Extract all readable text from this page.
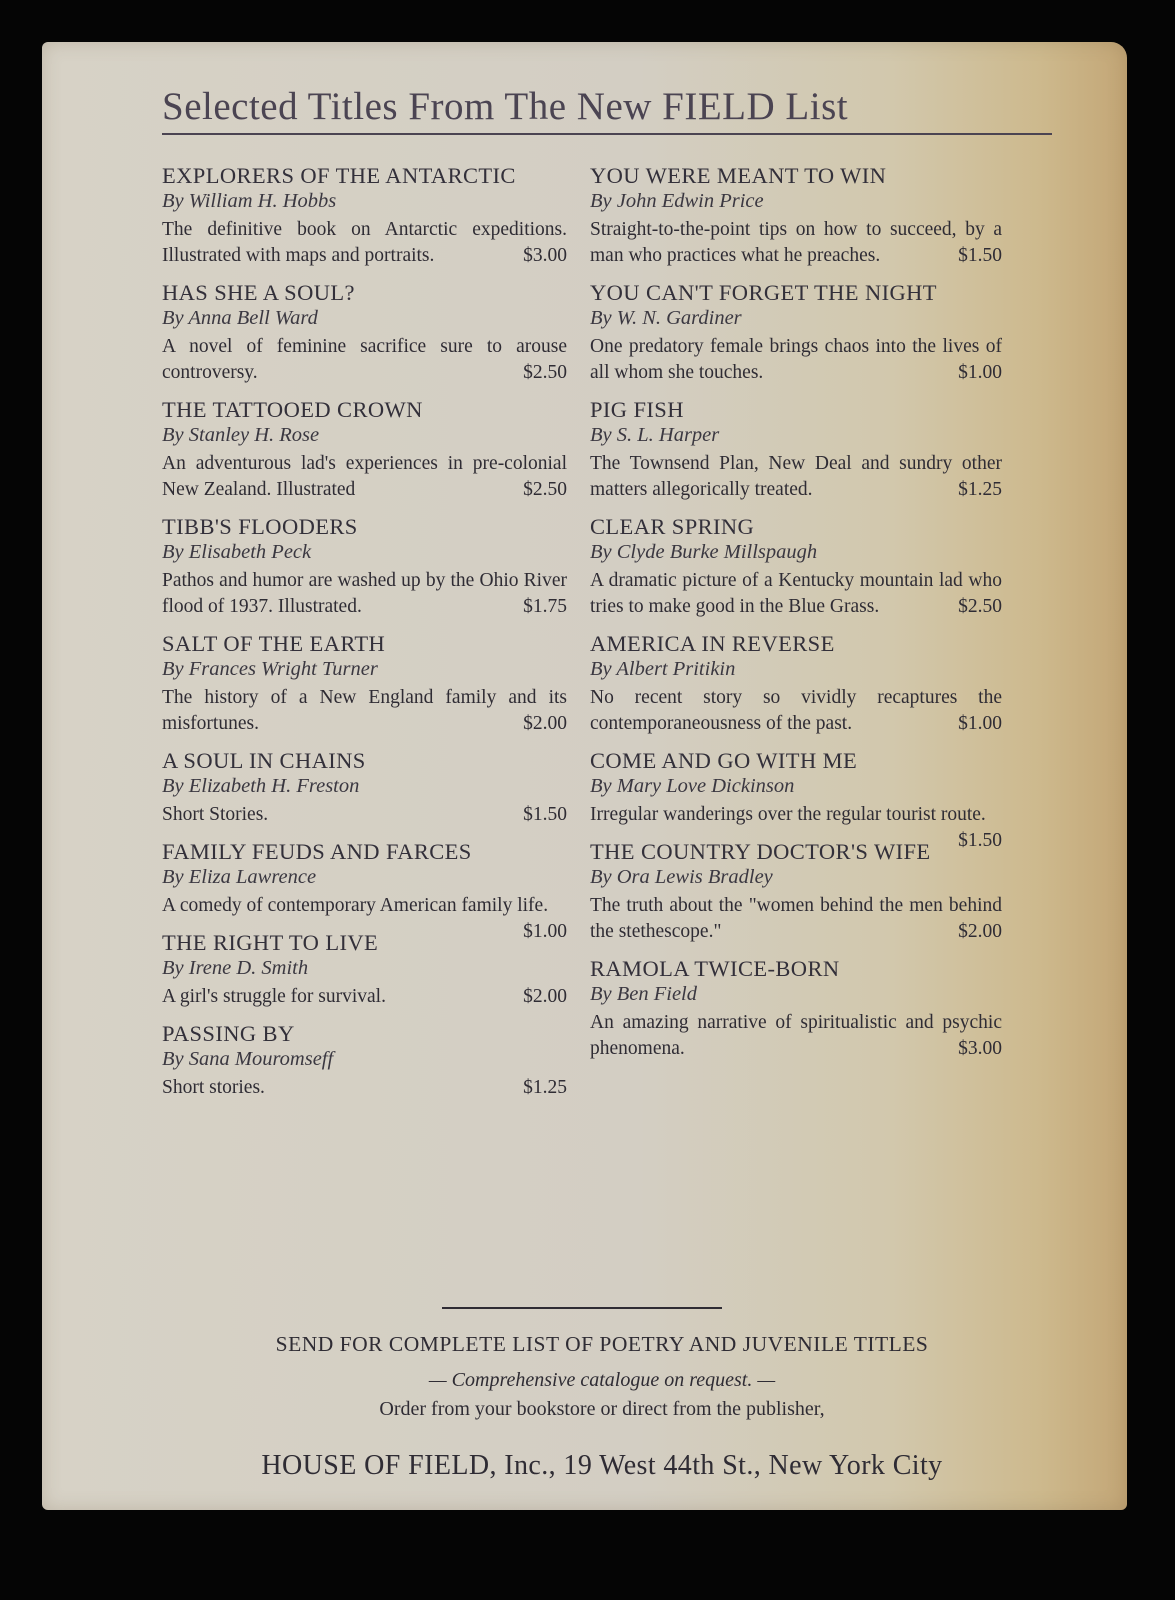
Selected Titles From The New FIELD List
EXPLORERS OF THE ANTARCTIC
By William H. Hobbs
The definitive book on Antarctic expeditions. Illustrated with maps and portraits.	$3.00
HAS SHE A SOUL?
By Anna Bell Ward
A novel of feminine sacrifice sure to arouse controversy.	$2.50
THE TATTOOED CROWN
By Stanley H. Rose
An adventurous lad's experiences in pre-colonial New Zealand. Illustrated	$2.50
TIBB'S FLOODERS
By Elisabeth Peck
Pathos and humor are washed up by the Ohio River flood of 1937. Illustrated.	$1.75
SALT OF THE EARTH
By Frances Wright Turner
The history of a New England family and its misfortunes.	$2.00
A SOUL IN CHAINS
By Elizabeth H. Freston
Short Stories.	$1.50
FAMILY FEUDS AND FARCES
By Eliza Lawrence
A comedy of contemporary American family life.
$1.00
THE RIGHT TO LIVE
By Irene D. Smith
A girl's struggle for survival.	$2.00
PASSING BY
By Sana Mouromseff
Short stories.	$1.25
YOU WERE MEANT TO WIN
By John Edwin Price
Straight-to-the-point tips on how to succeed, by a man who practices what he preaches.	$1.50
YOU CAN'T FORGET THE NIGHT
By W. N. Gardiner
One predatory female brings chaos into the lives of all whom she touches.	$1.00
PIG FISH
By S. L. Harper
The Townsend Plan, New Deal and sundry other matters allegorically treated.	$1.25
CLEAR SPRING
By Clyde Burke Millspaugh
A dramatic picture of a Kentucky mountain lad who tries to make good in the Blue Grass.	$2.50
AMERICA IN REVERSE
By Albert Pritikin
No recent story so vividly recaptures the contemporaneousness of the past.	$1.00
COME AND GO WITH ME
By Mary Love Dickinson
Irregular wanderings over the regular tourist route.
$1.50
THE COUNTRY DOCTOR'S WIFE
By Ora Lewis Bradley
The truth about the "women behind the men behind the stethescope."	$2.00
RAMOLA TWICE-BORN
By Ben Field
An amazing narrative of spiritualistic and psychic phenomena.	$3.00
SEND FOR COMPLETE LIST OF POETRY AND JUVENILE TITLES
— Comprehensive catalogue on request. —
Order from your bookstore or direct from the publisher,
HOUSE OF FIELD, Inc., 19 West 44th St., New York City
